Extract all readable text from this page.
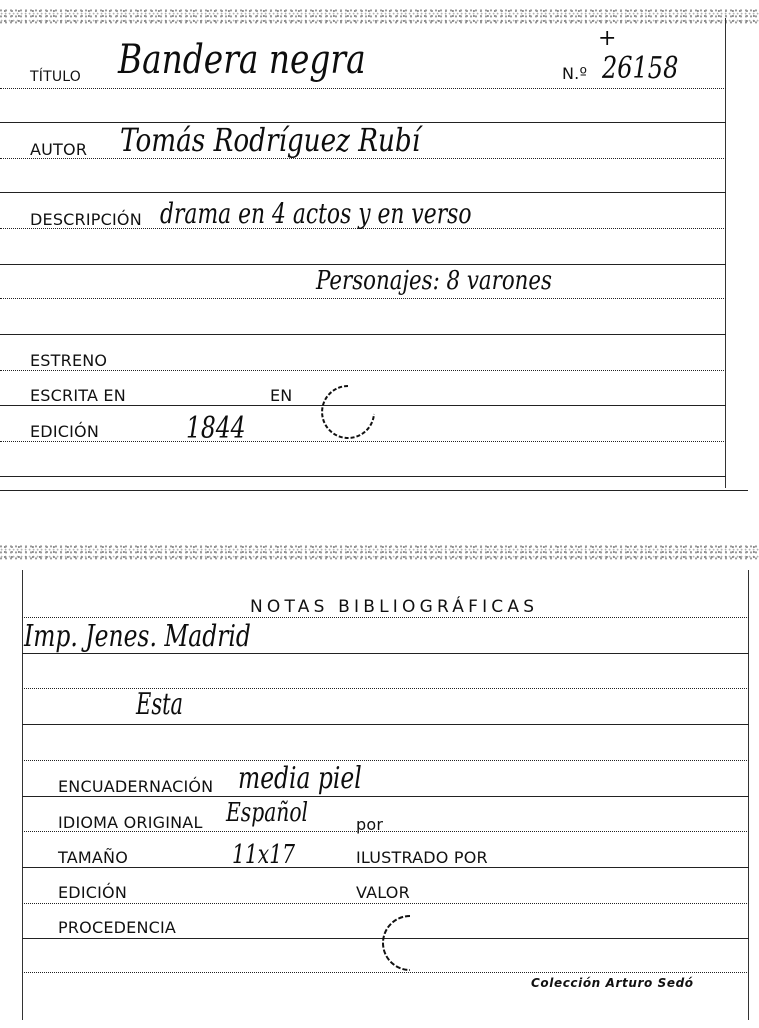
TÍTULO Bandera negra	N.º 26158
+
AUTOR Tomás Rodríguez Rubí
DESCRIPCIÓN drama en 4 actos y en verso
Personajes: 8 varones
ESTRENO
ESCRITA EN	EN
EDICIÓN	1844
NOTAS BIBLIOGRÁFICAS
Imp. Jenes. Madrid
Esta
ENCUADERNACIÓN media piel
IDIOMA ORIGINAL Español	por
TAMAÑO	11x17	ILUSTRADO POR
EDICIÓN	VALOR
PROCEDENCIA
Colección Arturo Sedó
